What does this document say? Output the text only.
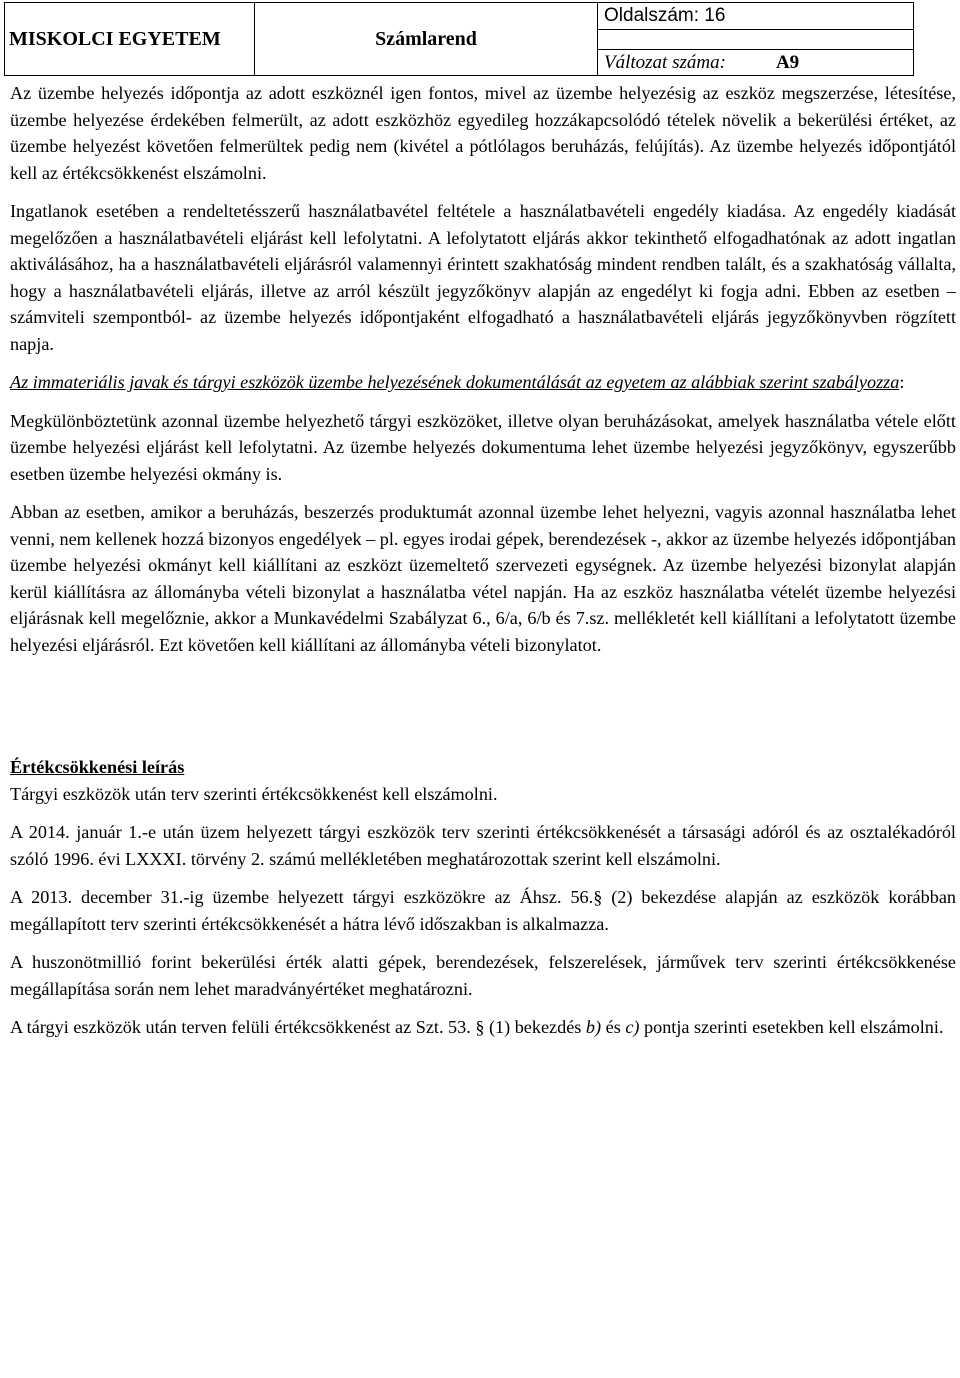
MISKOLCI EGYETEM	Számlarend
Oldalszám: 16
Változat száma:	A9

Az üzembe helyezés időpontja az adott eszköznél igen fontos, mivel az üzembe helyezésig az eszköz megszerzése, létesítése, üzembe helyezése érdekében felmerült, az adott eszközhöz egyedileg hozzákapcsolódó tételek növelik a bekerülési értéket, az üzembe helyezést követően felmerültek pedig nem (kivétel a pótlólagos beruházás, felújítás). Az üzembe helyezés időpontjától kell az értékcsökkenést elszámolni.

Ingatlanok esetében a rendeltetésszerű használatbavétel feltétele a használatbavételi engedély kiadása. Az engedély kiadását megelőzően a használatbavételi eljárást kell lefolytatni. A lefolytatott eljárás akkor tekinthető elfogadhatónak az adott ingatlan aktiválásához, ha a használatbavételi eljárásról valamennyi érintett szakhatóság mindent rendben talált, és a szakhatóság vállalta, hogy a használatbavételi eljárás, illetve az arról készült jegyzőkönyv alapján az engedélyt ki fogja adni. Ebben az esetben – számviteli szempontból- az üzembe helyezés időpontjaként elfogadható a használatbavételi eljárás jegyzőkönyvben rögzített napja.

Az immateriális javak és tárgyi eszközök üzembe helyezésének dokumentálását az egyetem az alábbiak szerint szabályozza:

Megkülönböztetünk azonnal üzembe helyezhető tárgyi eszközöket, illetve olyan beruházásokat, amelyek használatba vétele előtt üzembe helyezési eljárást kell lefolytatni. Az üzembe helyezés dokumentuma lehet üzembe helyezési jegyzőkönyv, egyszerűbb esetben üzembe helyezési okmány is.

Abban az esetben, amikor a beruházás, beszerzés produktumát azonnal üzembe lehet helyezni, vagyis azonnal használatba lehet venni, nem kellenek hozzá bizonyos engedélyek – pl. egyes irodai gépek, berendezések -, akkor az üzembe helyezés időpontjában üzembe helyezési okmányt kell kiállítani az eszközt üzemeltető szervezeti egységnek. Az üzembe helyezési bizonylat alapján kerül kiállításra az állományba vételi bizonylat a használatba vétel napján. Ha az eszköz használatba vételét üzembe helyezési eljárásnak kell megelőznie, akkor a Munkavédelmi Szabályzat 6., 6/a, 6/b és 7.sz. mellékletét kell kiállítani a lefolytatott üzembe helyezési eljárásról. Ezt követően kell kiállítani az állományba vételi bizonylatot.

Értékcsökkenési leírás

Tárgyi eszközök után terv szerinti értékcsökkenést kell elszámolni.

A 2014. január 1.-e után üzem helyezett tárgyi eszközök terv szerinti értékcsökkenését a társasági adóról és az osztalékadóról szóló 1996. évi LXXXI. törvény 2. számú mellékletében meghatározottak szerint kell elszámolni.

A 2013. december 31.-ig üzembe helyezett tárgyi eszközökre az Áhsz. 56.§ (2) bekezdése alapján az eszközök korábban megállapított terv szerinti értékcsökkenését a hátra lévő időszakban is alkalmazza.

A huszonötmillió forint bekerülési érték alatti gépek, berendezések, felszerelések, járművek terv szerinti értékcsökkenése megállapítása során nem lehet maradványértéket meghatározni.

A tárgyi eszközök után terven felüli értékcsökkenést az Szt. 53. § (1) bekezdés b) és c) pontja szerinti esetekben kell elszámolni.
